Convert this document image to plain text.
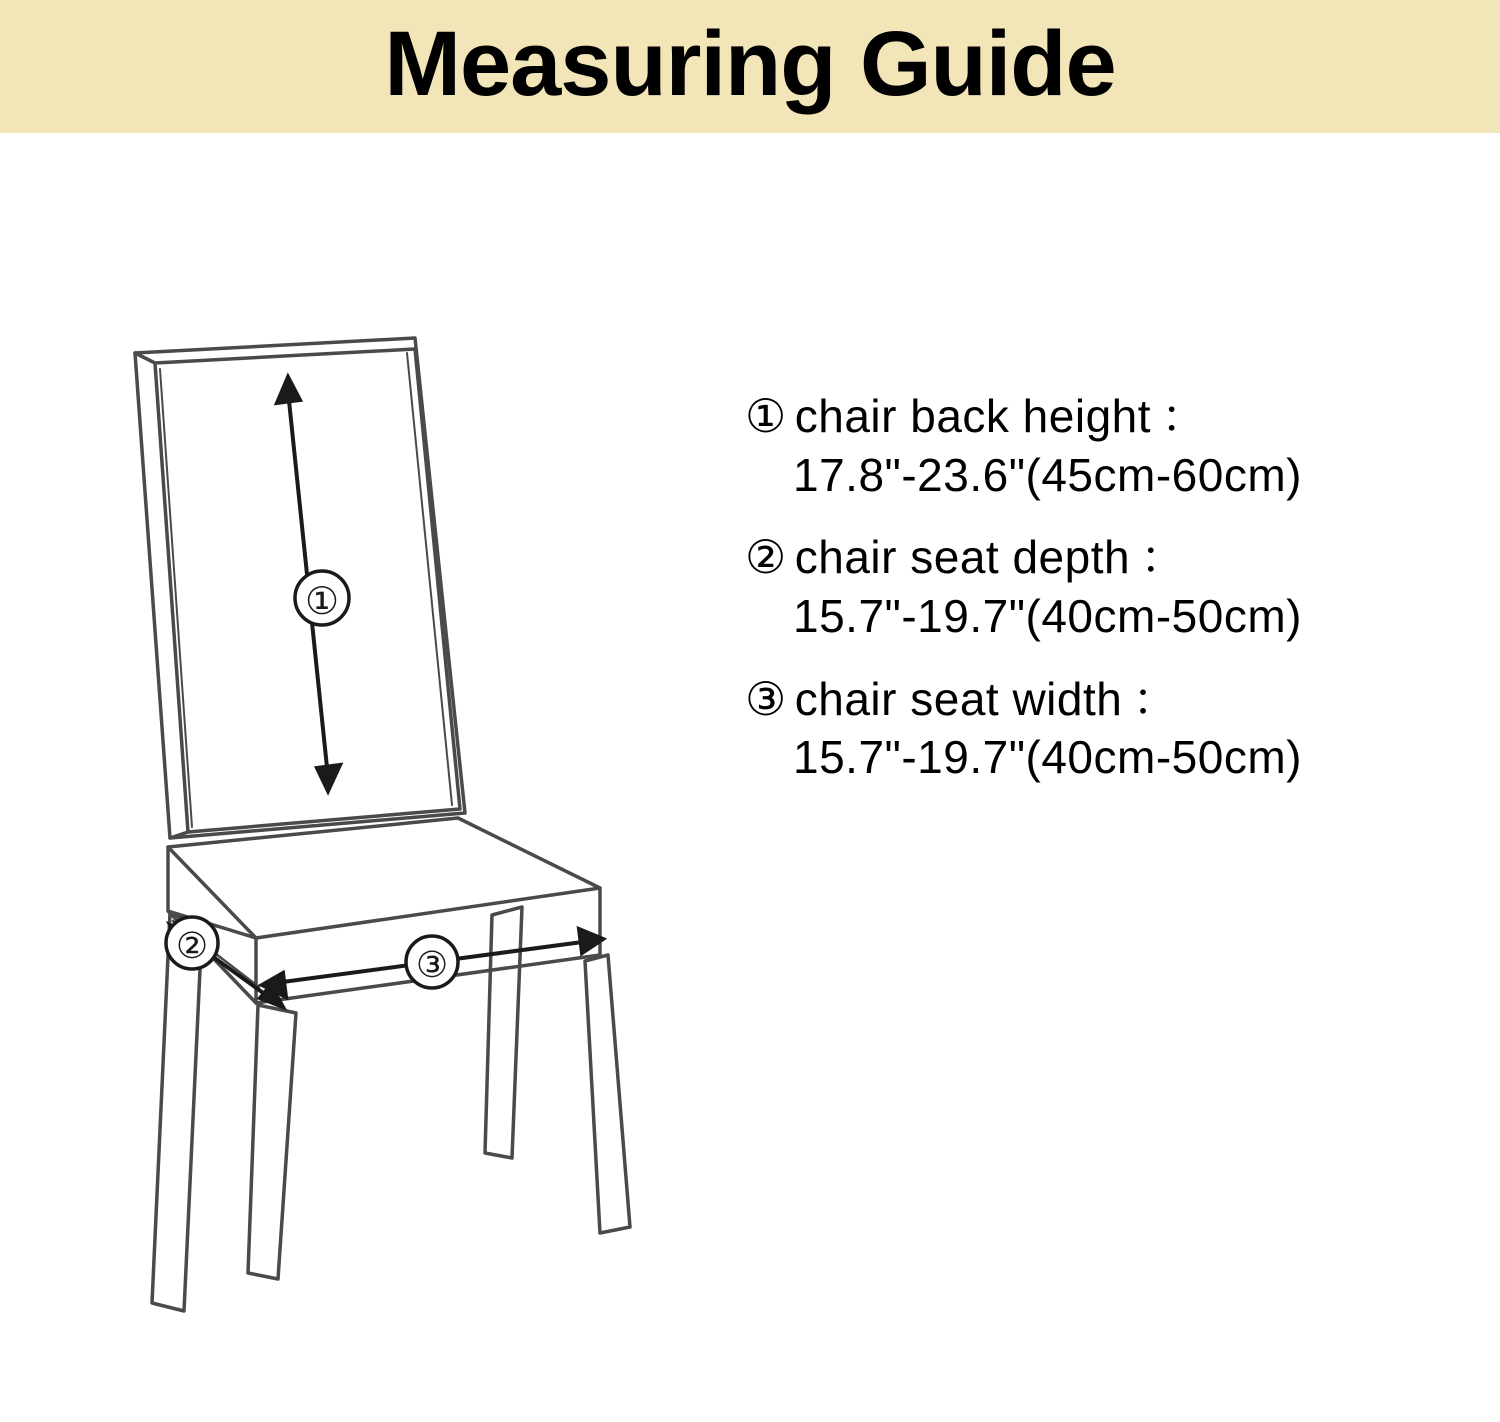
Measuring Guide
①
②	③
① chair back height ：
17.8"-23.6"(45cm-60cm)
② chair seat depth ：
15.7"-19.7"(40cm-50cm)
③ chair seat width ：
15.7"-19.7"(40cm-50cm)
